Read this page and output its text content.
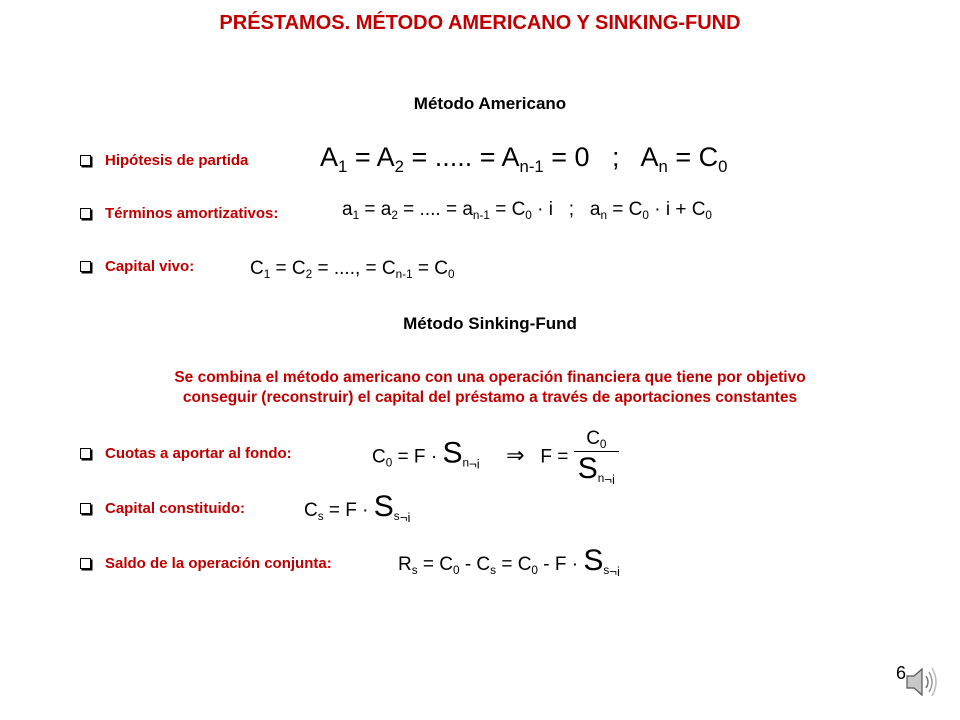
PRÉSTAMOS. MÉTODO AMERICANO Y SINKING-FUND
Método Americano
Hipótesis de partida	$A_1 = A_2$ = ..... = $A_{n-1} = 0$   ;   $A_n = C_0$
Términos amortizativos:	$a_1 = a_2$ = .... = $a_{n-1} = C_0 \cdot i$   ;   $a_n = C_0 \cdot i + C_0$
Capital vivo:	$C_1 = C_2$ = ...., = $C_{n-1} = C_0$
Método Sinking-Fund
Se combina el método americano con una operación financiera que tiene por objetivo
conseguir (reconstruir) el capital del préstamo a través de aportaciones constantes
Cuotas a aportar al fondo:	$C_0 = F \cdot S_{n\neg i}$ ⇒   $F = \frac{C_0}{S_{n\neg i}}$
Capital constituido:	$C_s = F \cdot S_{s\neg i}$
Saldo de la operación conjunta:	$R_s = C_0 - C_s = C_0 - F \cdot S_{s\neg i}$
6
